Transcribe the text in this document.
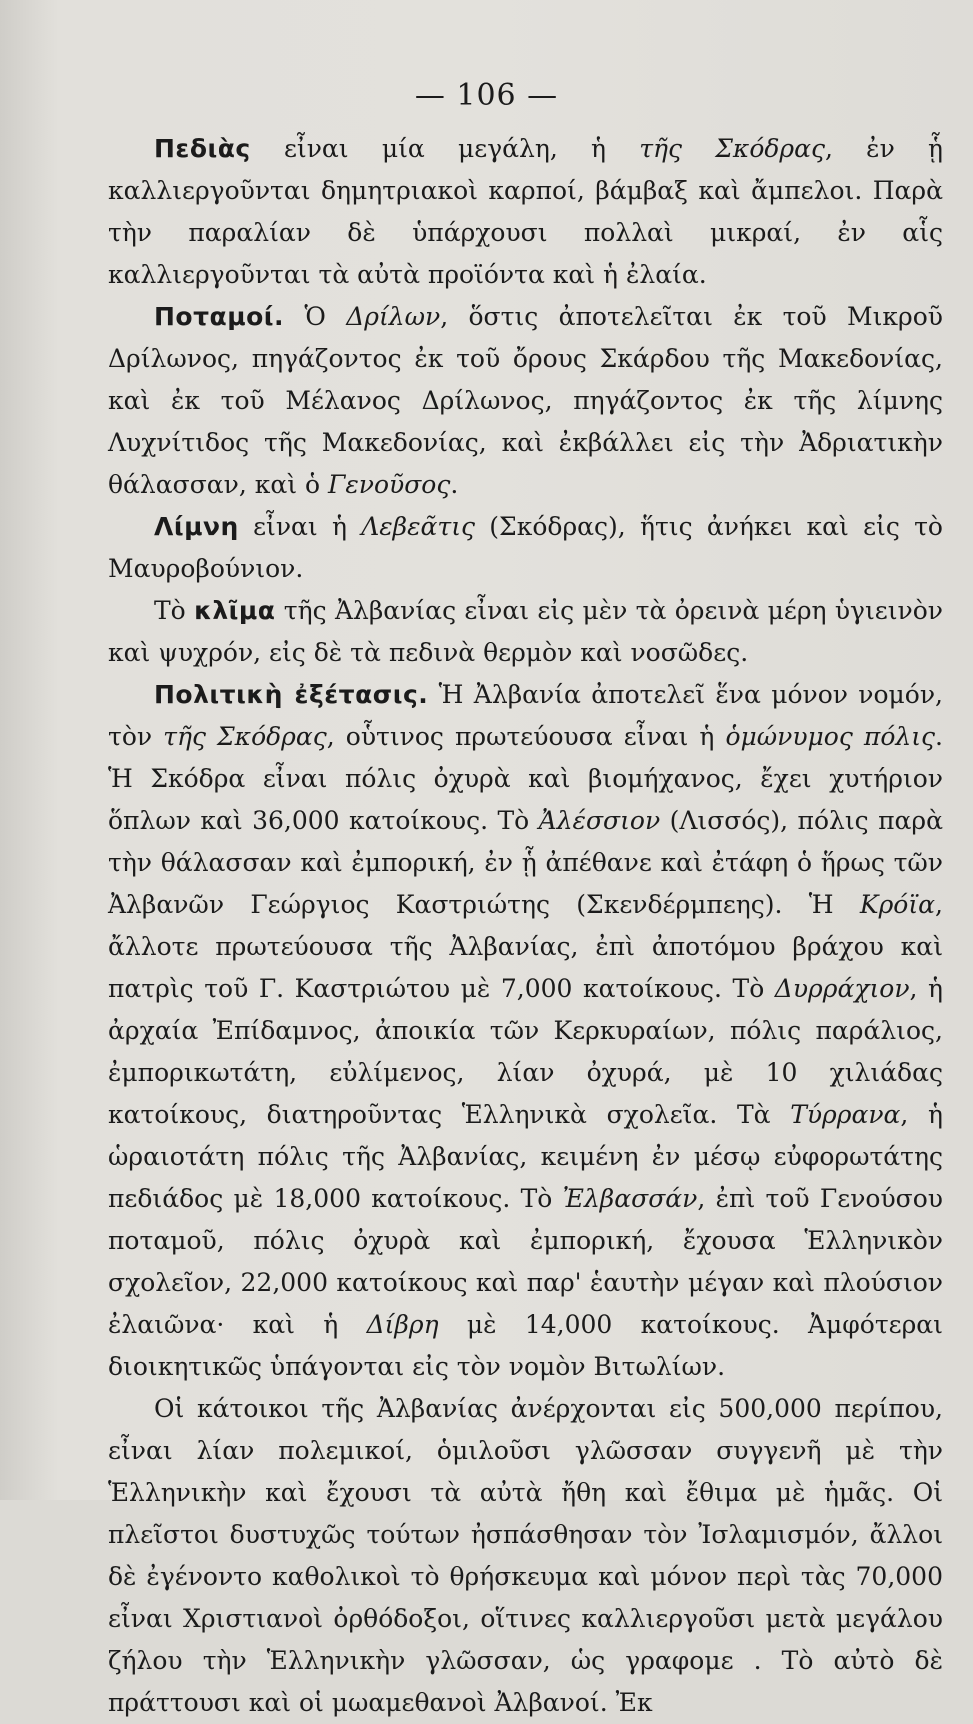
— 106 —

Πεδιὰς εἶναι μία μεγάλη, ἡ τῆς Σκόδρας, ἐν ᾗ καλλιεργοῦνται δημητριακοὶ καρποί, βάμβαξ καὶ ἄμπελοι. Παρὰ τὴν παραλίαν δὲ ὑπάρχουσι πολλαὶ μικραί, ἐν αἷς καλλιεργοῦνται τὰ αὐτὰ προϊόντα καὶ ἡ ἐλαία.

Ποταμοί. Ὁ Δρίλων, ὅστις ἀποτελεῖται ἐκ τοῦ Μικροῦ Δρίλωνος, πηγάζοντος ἐκ τοῦ ὄρους Σκάρδου τῆς Μακεδονίας, καὶ ἐκ τοῦ Μέλανος Δρίλωνος, πηγάζοντος ἐκ τῆς λίμνης Λυχνίτιδος τῆς Μακεδονίας, καὶ ἐκβάλλει εἰς τὴν Ἀδριατικὴν θάλασσαν, καὶ ὁ Γενοῦσος.

Λίμνη εἶναι ἡ Λεβεᾶτις (Σκόδρας), ἥτις ἀνήκει καὶ εἰς τὸ Μαυροβούνιον.

Τὸ κλῖμα τῆς Ἀλβανίας εἶναι εἰς μὲν τὰ ὀρεινὰ μέρη ὑγιεινὸν καὶ ψυχρόν, εἰς δὲ τὰ πεδινὰ θερμὸν καὶ νοσῶδες.

Πολιτικὴ ἐξέτασις. Ἡ Ἀλβανία ἀποτελεῖ ἕνα μόνον νομόν, τὸν τῆς Σκόδρας, οὗτινος πρωτεύουσα εἶναι ἡ ὁμώνυμος πόλις. Ἡ Σκόδρα εἶναι πόλις ὀχυρὰ καὶ βιομήχανος, ἔχει χυτήριον ὅπλων καὶ 36,000 κατοίκους. Τὸ Ἀλέσσιον (Λισσός), πόλις παρὰ τὴν θάλασσαν καὶ ἐμπορική, ἐν ᾗ ἀπέθανε καὶ ἐτάφη ὁ ἥρως τῶν Ἀλβανῶν Γεώργιος Καστριώτης (Σκενδέρμπεης). Ἡ Κρόϊα, ἄλλοτε πρωτεύουσα τῆς Ἀλβανίας, ἐπὶ ἀποτόμου βράχου καὶ πατρὶς τοῦ Γ. Καστριώτου μὲ 7,000 κατοίκους. Τὸ Δυρράχιον, ἡ ἀρχαία Ἐπίδαμνος, ἀποικία τῶν Κερκυραίων, πόλις παράλιος, ἐμπορικωτάτη, εὐλίμενος, λίαν ὀχυρά, μὲ 10 χιλιάδας κατοίκους, διατηροῦντας Ἑλληνικὰ σχολεῖα. Τὰ Τύρρανα, ἡ ὡραιοτάτη πόλις τῆς Ἀλβανίας, κειμένη ἐν μέσῳ εὐφορωτάτης πεδιάδος μὲ 18,000 κατοίκους. Τὸ Ἐλβασσάν, ἐπὶ τοῦ Γενούσου ποταμοῦ, πόλις ὀχυρὰ καὶ ἐμπορική, ἔχουσα Ἑλληνικὸν σχολεῖον, 22,000 κατοίκους καὶ παρ' ἑαυτὴν μέγαν καὶ πλούσιον ἐλαιῶνα· καὶ ἡ Δίβρη μὲ 14,000 κατοίκους. Ἀμφότεραι διοικητικῶς ὑπάγονται εἰς τὸν νομὸν Βιτωλίων.

Οἱ κάτοικοι τῆς Ἀλβανίας ἀνέρχονται εἰς 500,000 περίπου, εἶναι λίαν πολεμικοί, ὁμιλοῦσι γλῶσσαν συγγενῆ μὲ τὴν Ἑλληνικὴν καὶ ἔχουσι τὰ αὐτὰ ἤθη καὶ ἔθιμα μὲ ἡμᾶς. Οἱ πλεῖστοι δυστυχῶς τούτων ἠσπάσθησαν τὸν Ἰσλαμισμόν, ἄλλοι δὲ ἐγένοντο καθολικοὶ τὸ θρήσκευμα καὶ μόνον περὶ τὰς 70,000 εἶναι Χριστιανοὶ ὀρθόδοξοι, οἵτινες καλλιεργοῦσι μετὰ μεγάλου ζήλου τὴν Ἑλληνικὴν γλῶσσαν, ὡς γραφομε . Τὸ αὐτὸ δὲ πράττουσι καὶ οἱ μωαμεθανοὶ Ἀλβανοί. Ἐκ
